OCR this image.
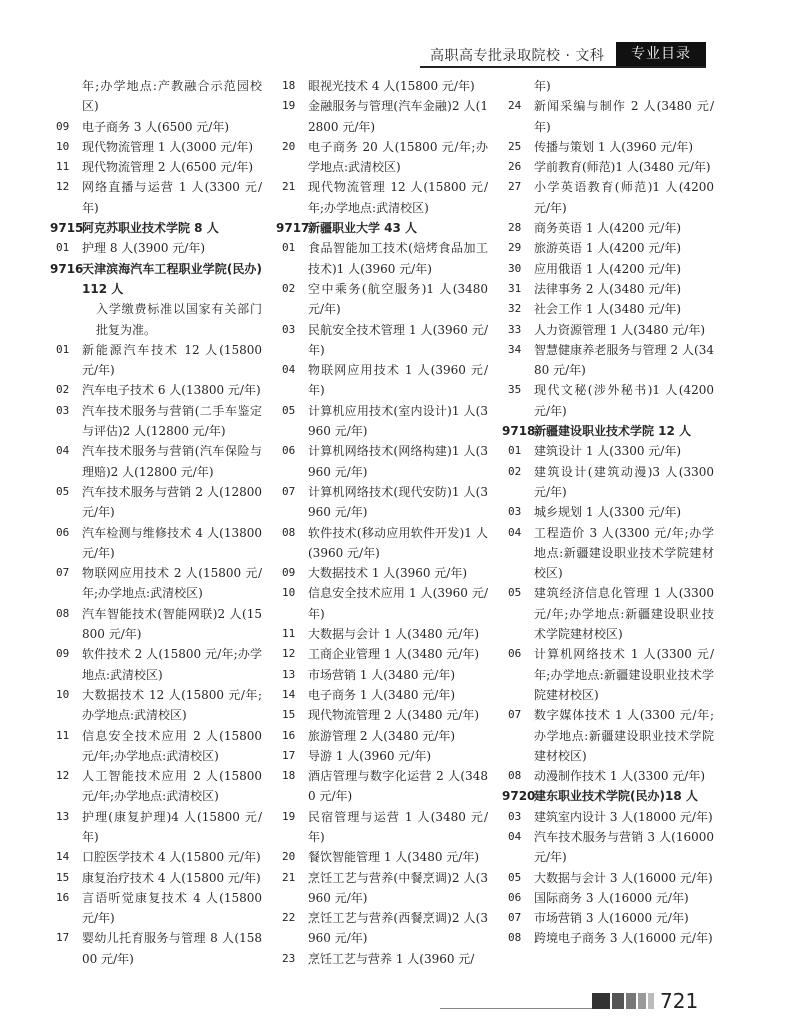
高职高专批录取院校 · 文科	专业目录
年;办学地点:产教融合示范园校区)
09	电子商务 3 人(6500 元/年)
10	现代物流管理 1 人(3000 元/年)
11	现代物流管理 2 人(6500 元/年)
12	网络直播与运营 1 人(3300 元/年)
9715
阿克苏职业技术学院 8 人
01	护理 8 人(3900 元/年)
9716
天津滨海汽车工程职业学院(民办)112 人
入学缴费标准以国家有关部门批复为准。
01	新能源汽车技术 12 人(15800 元/年)
02	汽车电子技术 6 人(13800 元/年)
03	汽车技术服务与营销(二手车鉴定与评估)2 人(12800 元/年)
04	汽车技术服务与营销(汽车保险与理赔)2 人(12800 元/年)
05	汽车技术服务与营销 2 人(12800 元/年)
06	汽车检测与维修技术 4 人(13800 元/年)
07	物联网应用技术 2 人(15800 元/年;办学地点:武清校区)
08	汽车智能技术(智能网联)2 人(15800 元/年)
09	软件技术 2 人(15800 元/年;办学地点:武清校区)
10	大数据技术 12 人(15800 元/年;办学地点:武清校区)
11	信息安全技术应用 2 人(15800 元/年;办学地点:武清校区)
12	人工智能技术应用 2 人(15800 元/年;办学地点:武清校区)
13	护理(康复护理)4 人(15800 元/年)
14	口腔医学技术 4 人(15800 元/年)
15	康复治疗技术 4 人(15800 元/年)
16	言语听觉康复技术 4 人(15800 元/年)
17	婴幼儿托育服务与管理 8 人(15800 元/年)
18	眼视光技术 4 人(15800 元/年)
19	金融服务与管理(汽车金融)2 人(12800 元/年)
20	电子商务 20 人(15800 元/年;办学地点:武清校区)
21	现代物流管理 12 人(15800 元/年;办学地点:武清校区)
9717
新疆职业大学 43 人
01	食品智能加工技术(焙烤食品加工技术)1 人(3960 元/年)
02	空中乘务(航空服务)1 人(3480 元/年)
03	民航安全技术管理 1 人(3960 元/年)
04	物联网应用技术 1 人(3960 元/年)
05	计算机应用技术(室内设计)1 人(3960 元/年)
06	计算机网络技术(网络构建)1 人(3960 元/年)
07	计算机网络技术(现代安防)1 人(3960 元/年)
08	软件技术(移动应用软件开发)1 人(3960 元/年)
09	大数据技术 1 人(3960 元/年)
10	信息安全技术应用 1 人(3960 元/年)
11	大数据与会计 1 人(3480 元/年)
12	工商企业管理 1 人(3480 元/年)
13	市场营销 1 人(3480 元/年)
14	电子商务 1 人(3480 元/年)
15	现代物流管理 2 人(3480 元/年)
16	旅游管理 2 人(3480 元/年)
17	导游 1 人(3960 元/年)
18	酒店管理与数字化运营 2 人(3480 元/年)
19	民宿管理与运营 1 人(3480 元/年)
20	餐饮智能管理 1 人(3480 元/年)
21	烹饪工艺与营养(中餐烹调)2 人(3960 元/年)
22	烹饪工艺与营养(西餐烹调)2 人(3960 元/年)
23	烹饪工艺与营养 1 人(3960 元/
年)
24	新闻采编与制作 2 人(3480 元/年)
25	传播与策划 1 人(3960 元/年)
26	学前教育(师范)1 人(3480 元/年)
27	小学英语教育(师范)1 人(4200 元/年)
28	商务英语 1 人(4200 元/年)
29	旅游英语 1 人(4200 元/年)
30	应用俄语 1 人(4200 元/年)
31	法律事务 2 人(3480 元/年)
32	社会工作 1 人(3480 元/年)
33	人力资源管理 1 人(3480 元/年)
34	智慧健康养老服务与管理 2 人(3480 元/年)
35	现代文秘(涉外秘书)1 人(4200 元/年)
9718
新疆建设职业技术学院 12 人
01	建筑设计 1 人(3300 元/年)
02	建筑设计(建筑动漫)3 人(3300 元/年)
03	城乡规划 1 人(3300 元/年)
04	工程造价 3 人(3300 元/年;办学地点:新疆建设职业技术学院建材校区)
05	建筑经济信息化管理 1 人(3300 元/年;办学地点:新疆建设职业技术学院建材校区)
06	计算机网络技术 1 人(3300 元/年;办学地点:新疆建设职业技术学院建材校区)
07	数字媒体技术 1 人(3300 元/年;办学地点:新疆建设职业技术学院建材校区)
08	动漫制作技术 1 人(3300 元/年)
9720
建东职业技术学院(民办)18 人
03	建筑室内设计 3 人(18000 元/年)
04	汽车技术服务与营销 3 人(16000 元/年)
05	大数据与会计 3 人(16000 元/年)
06	国际商务 3 人(16000 元/年)
07	市场营销 3 人(16000 元/年)
08	跨境电子商务 3 人(16000 元/年)
721
